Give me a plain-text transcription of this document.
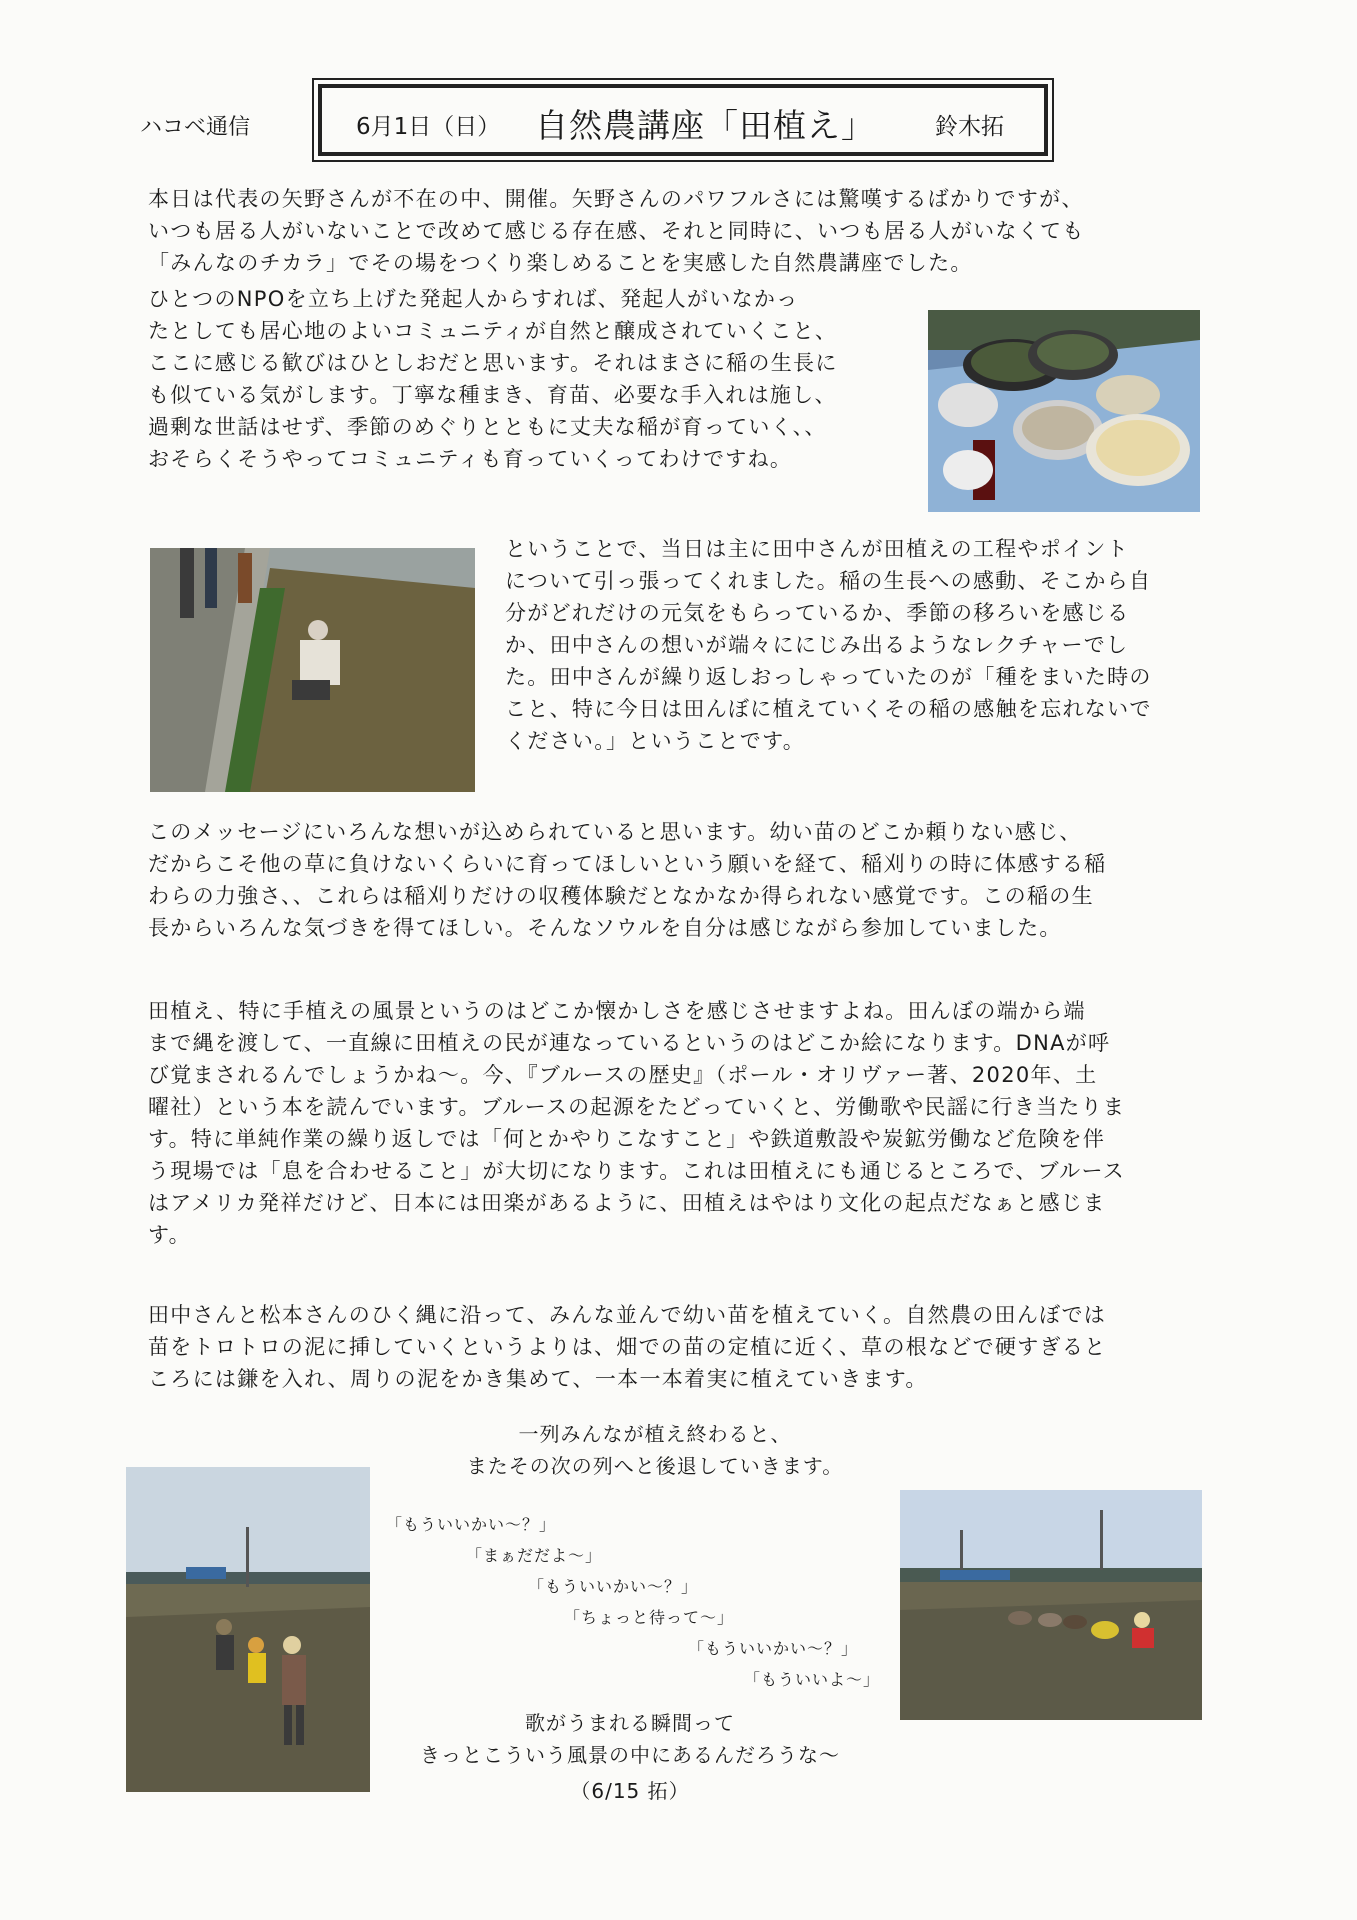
ハコベ通信	6月1日（日） 自然農講座「田植え」	鈴木拓
本日は代表の矢野さんが不在の中、開催。矢野さんのパワフルさには驚嘆するばかりですが、
いつも居る人がいないことで改めて感じる存在感、それと同時に、いつも居る人がいなくても
「みんなのチカラ」でその場をつくり楽しめることを実感した自然農講座でした。
ひとつのNPOを立ち上げた発起人からすれば、発起人がいなかっ
たとしても居心地のよいコミュニティが自然と醸成されていくこと、
ここに感じる歓びはひとしおだと思います。それはまさに稲の生長に
も似ている気がします。丁寧な種まき、育苗、必要な手入れは施し、
過剰な世話はせず、季節のめぐりとともに丈夫な稲が育っていく、、
おそらくそうやってコミュニティも育っていくってわけですね。
ということで、当日は主に田中さんが田植えの工程やポイント
について引っ張ってくれました。稲の生長への感動、そこから自
分がどれだけの元気をもらっているか、季節の移ろいを感じる
か、田中さんの想いが端々ににじみ出るようなレクチャーでし
た。田中さんが繰り返しおっしゃっていたのが「種をまいた時の
こと、特に今日は田んぼに植えていくその稲の感触を忘れないで
ください。」ということです。
このメッセージにいろんな想いが込められていると思います。幼い苗のどこか頼りない感じ、
だからこそ他の草に負けないくらいに育ってほしいという願いを経て、稲刈りの時に体感する稲
わらの力強さ、、これらは稲刈りだけの収穫体験だとなかなか得られない感覚です。この稲の生
長からいろんな気づきを得てほしい。そんなソウルを自分は感じながら参加していました。
田植え、特に手植えの風景というのはどこか懐かしさを感じさせますよね。田んぼの端から端
まで縄を渡して、一直線に田植えの民が連なっているというのはどこか絵になります。DNAが呼
び覚まされるんでしょうかね〜。今、『ブルースの歴史』（ポール・オリヴァー著、2020年、土
曜社）という本を読んでいます。ブルースの起源をたどっていくと、労働歌や民謡に行き当たりま
す。特に単純作業の繰り返しでは「何とかやりこなすこと」や鉄道敷設や炭鉱労働など危険を伴
う現場では「息を合わせること」が大切になります。これは田植えにも通じるところで、ブルース
はアメリカ発祥だけど、日本には田楽があるように、田植えはやはり文化の起点だなぁと感じま
す。
田中さんと松本さんのひく縄に沿って、みんな並んで幼い苗を植えていく。自然農の田んぼでは
苗をトロトロの泥に挿していくというよりは、畑での苗の定植に近く、草の根などで硬すぎると
ころには鎌を入れ、周りの泥をかき集めて、一本一本着実に植えていきます。
一列みんなが植え終わると、
またその次の列へと後退していきます。
「もういいかい〜？」
「まぁだだよ〜」
「もういいかい〜？」
「ちょっと待って〜」
「もういいかい〜？」
「もういいよ〜」
歌がうまれる瞬間って
きっとこういう風景の中にあるんだろうな〜
（6/15 拓）
